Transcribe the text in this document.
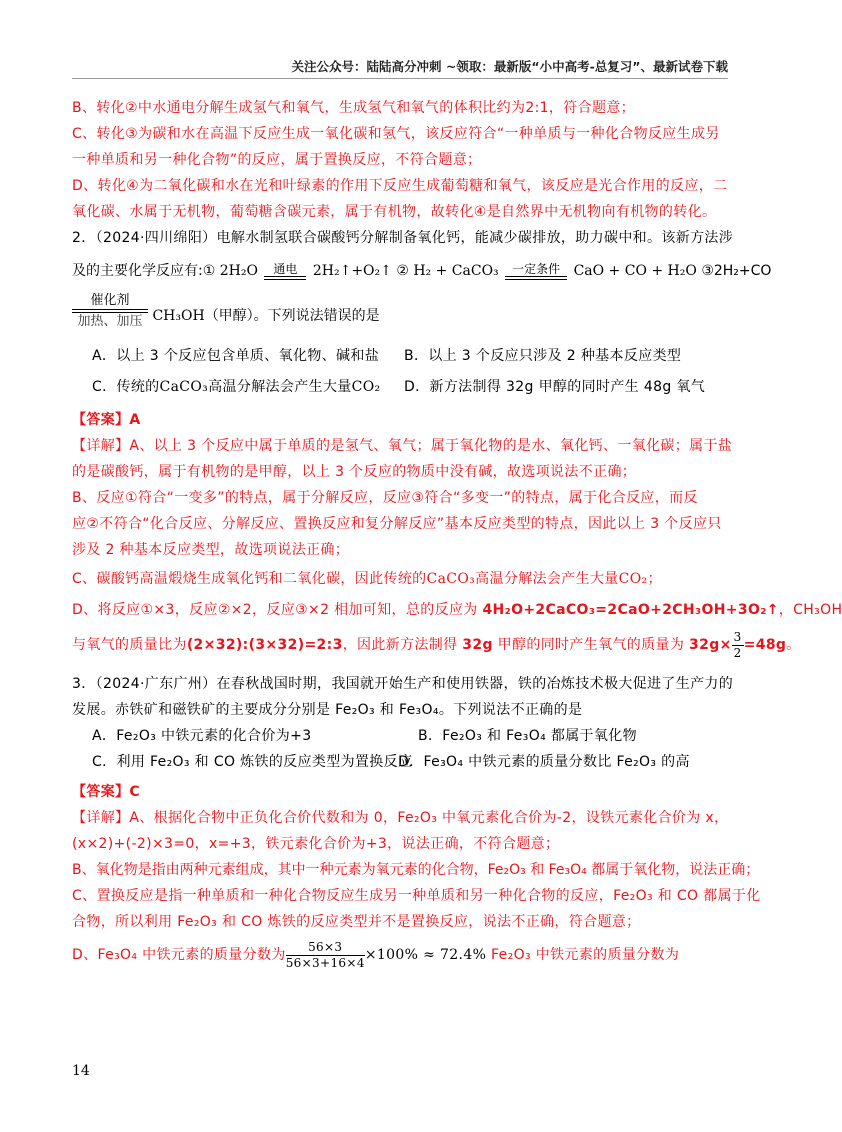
关注公众号：陆陆高分冲刺 ~领取：最新版“小中高考-总复习”、最新试卷下载
B、转化②中水通电分解生成氢气和氧气，生成氢气和氧气的体积比约为2:1，符合题意；
C、转化③为碳和水在高温下反应生成一氧化碳和氢气，该反应符合“一种单质与一种化合物反应生成另
一种单质和另一种化合物”的反应，属于置换反应，不符合题意；
D、转化④为二氧化碳和水在光和叶绿素的作用下反应生成葡萄糖和氧气，该反应是光合作用的反应，二
氧化碳、水属于无机物，葡萄糖含碳元素，属于有机物，故转化④是自然界中无机物向有机物的转化。
2．（2024·四川绵阳）电解水制氢联合碳酸钙分解制备氧化钙，能减少碳排放，助力碳中和。该新方法涉
及的主要化学反应有:① 2H₂O	通电	2H₂↑+O₂↑ ② H₂ + CaCO₃	一定条件 CaO + CO + H₂O ③2H₂+CO
催化剂
加热、加压 CH₃OH（甲醇）。下列说法错误的是
A．以上 3 个反应包含单质、氧化物、碱和盐 B．以上 3 个反应只涉及 2 种基本反应类型
C．传统的CaCO₃高温分解法会产生大量CO₂ D．新方法制得 32g 甲醇的同时产生 48g 氧气
【答案】A
【详解】A、以上 3 个反应中属于单质的是氢气、氧气；属于氧化物的是水、氧化钙、一氧化碳；属于盐
的是碳酸钙，属于有机物的是甲醇，以上 3 个反应的物质中没有碱，故选项说法不正确；
B、反应①符合“一变多”的特点，属于分解反应，反应③符合“多变一”的特点，属于化合反应，而反
应②不符合“化合反应、分解反应、置换反应和复分解反应”基本反应类型的特点，因此以上 3 个反应只
涉及 2 种基本反应类型，故选项说法正确；
C、碳酸钙高温煅烧生成氧化钙和二氧化碳，因此传统的CaCO₃高温分解法会产生大量CO₂；
D、将反应①×3，反应②×2，反应③×2 相加可知，总的反应为 4H₂O+2CaCO₃=2CaO+2CH₃OH+3O₂↑，CH₃OH
与氧气的质量比为(2×32):(3×32)=2:3，因此新方法制得 32g 甲醇的同时产生氧气的质量为 $32g\times \frac{3}{2} =48g$。
3．（2024·广东广州）在春秋战国时期，我国就开始生产和使用铁器，铁的冶炼技术极大促进了生产力的
发展。赤铁矿和磁铁矿的主要成分分别是 Fe₂O₃ 和 Fe₃O₄。下列说法不正确的是
A．Fe₂O₃ 中铁元素的化合价为+3	B．Fe₂O₃ 和 Fe₃O₄ 都属于氧化物
C．利用 Fe₂O₃ 和 CO 炼铁的反应类型为置换反应
D．Fe₃O₄ 中铁元素的质量分数比 Fe₂O₃ 的高
【答案】C
【详解】A、根据化合物中正负化合价代数和为 0，Fe₂O₃ 中氧元素化合价为-2，设铁元素化合价为 x，
(x×2)+(-2)×3=0，x=+3，铁元素化合价为+3，说法正确，不符合题意；
B、氧化物是指由两种元素组成，其中一种元素为氧元素的化合物，Fe₂O₃ 和 Fe₃O₄ 都属于氧化物，说法正确；
C、置换反应是指一种单质和一种化合物反应生成另一种单质和另一种化合物的反应，Fe₂O₃ 和 CO 都属于化
合物，所以利用 Fe₂O₃ 和 CO 炼铁的反应类型并不是置换反应，说法不正确，符合题意；
D、Fe₃O₄ 中铁元素的质量分数为 $\frac{56\times 3}{56\times 3+16\times 4} \times 100\% \approx 72.4\%$ Fe₂O₃ 中铁元素的质量分数为
14
